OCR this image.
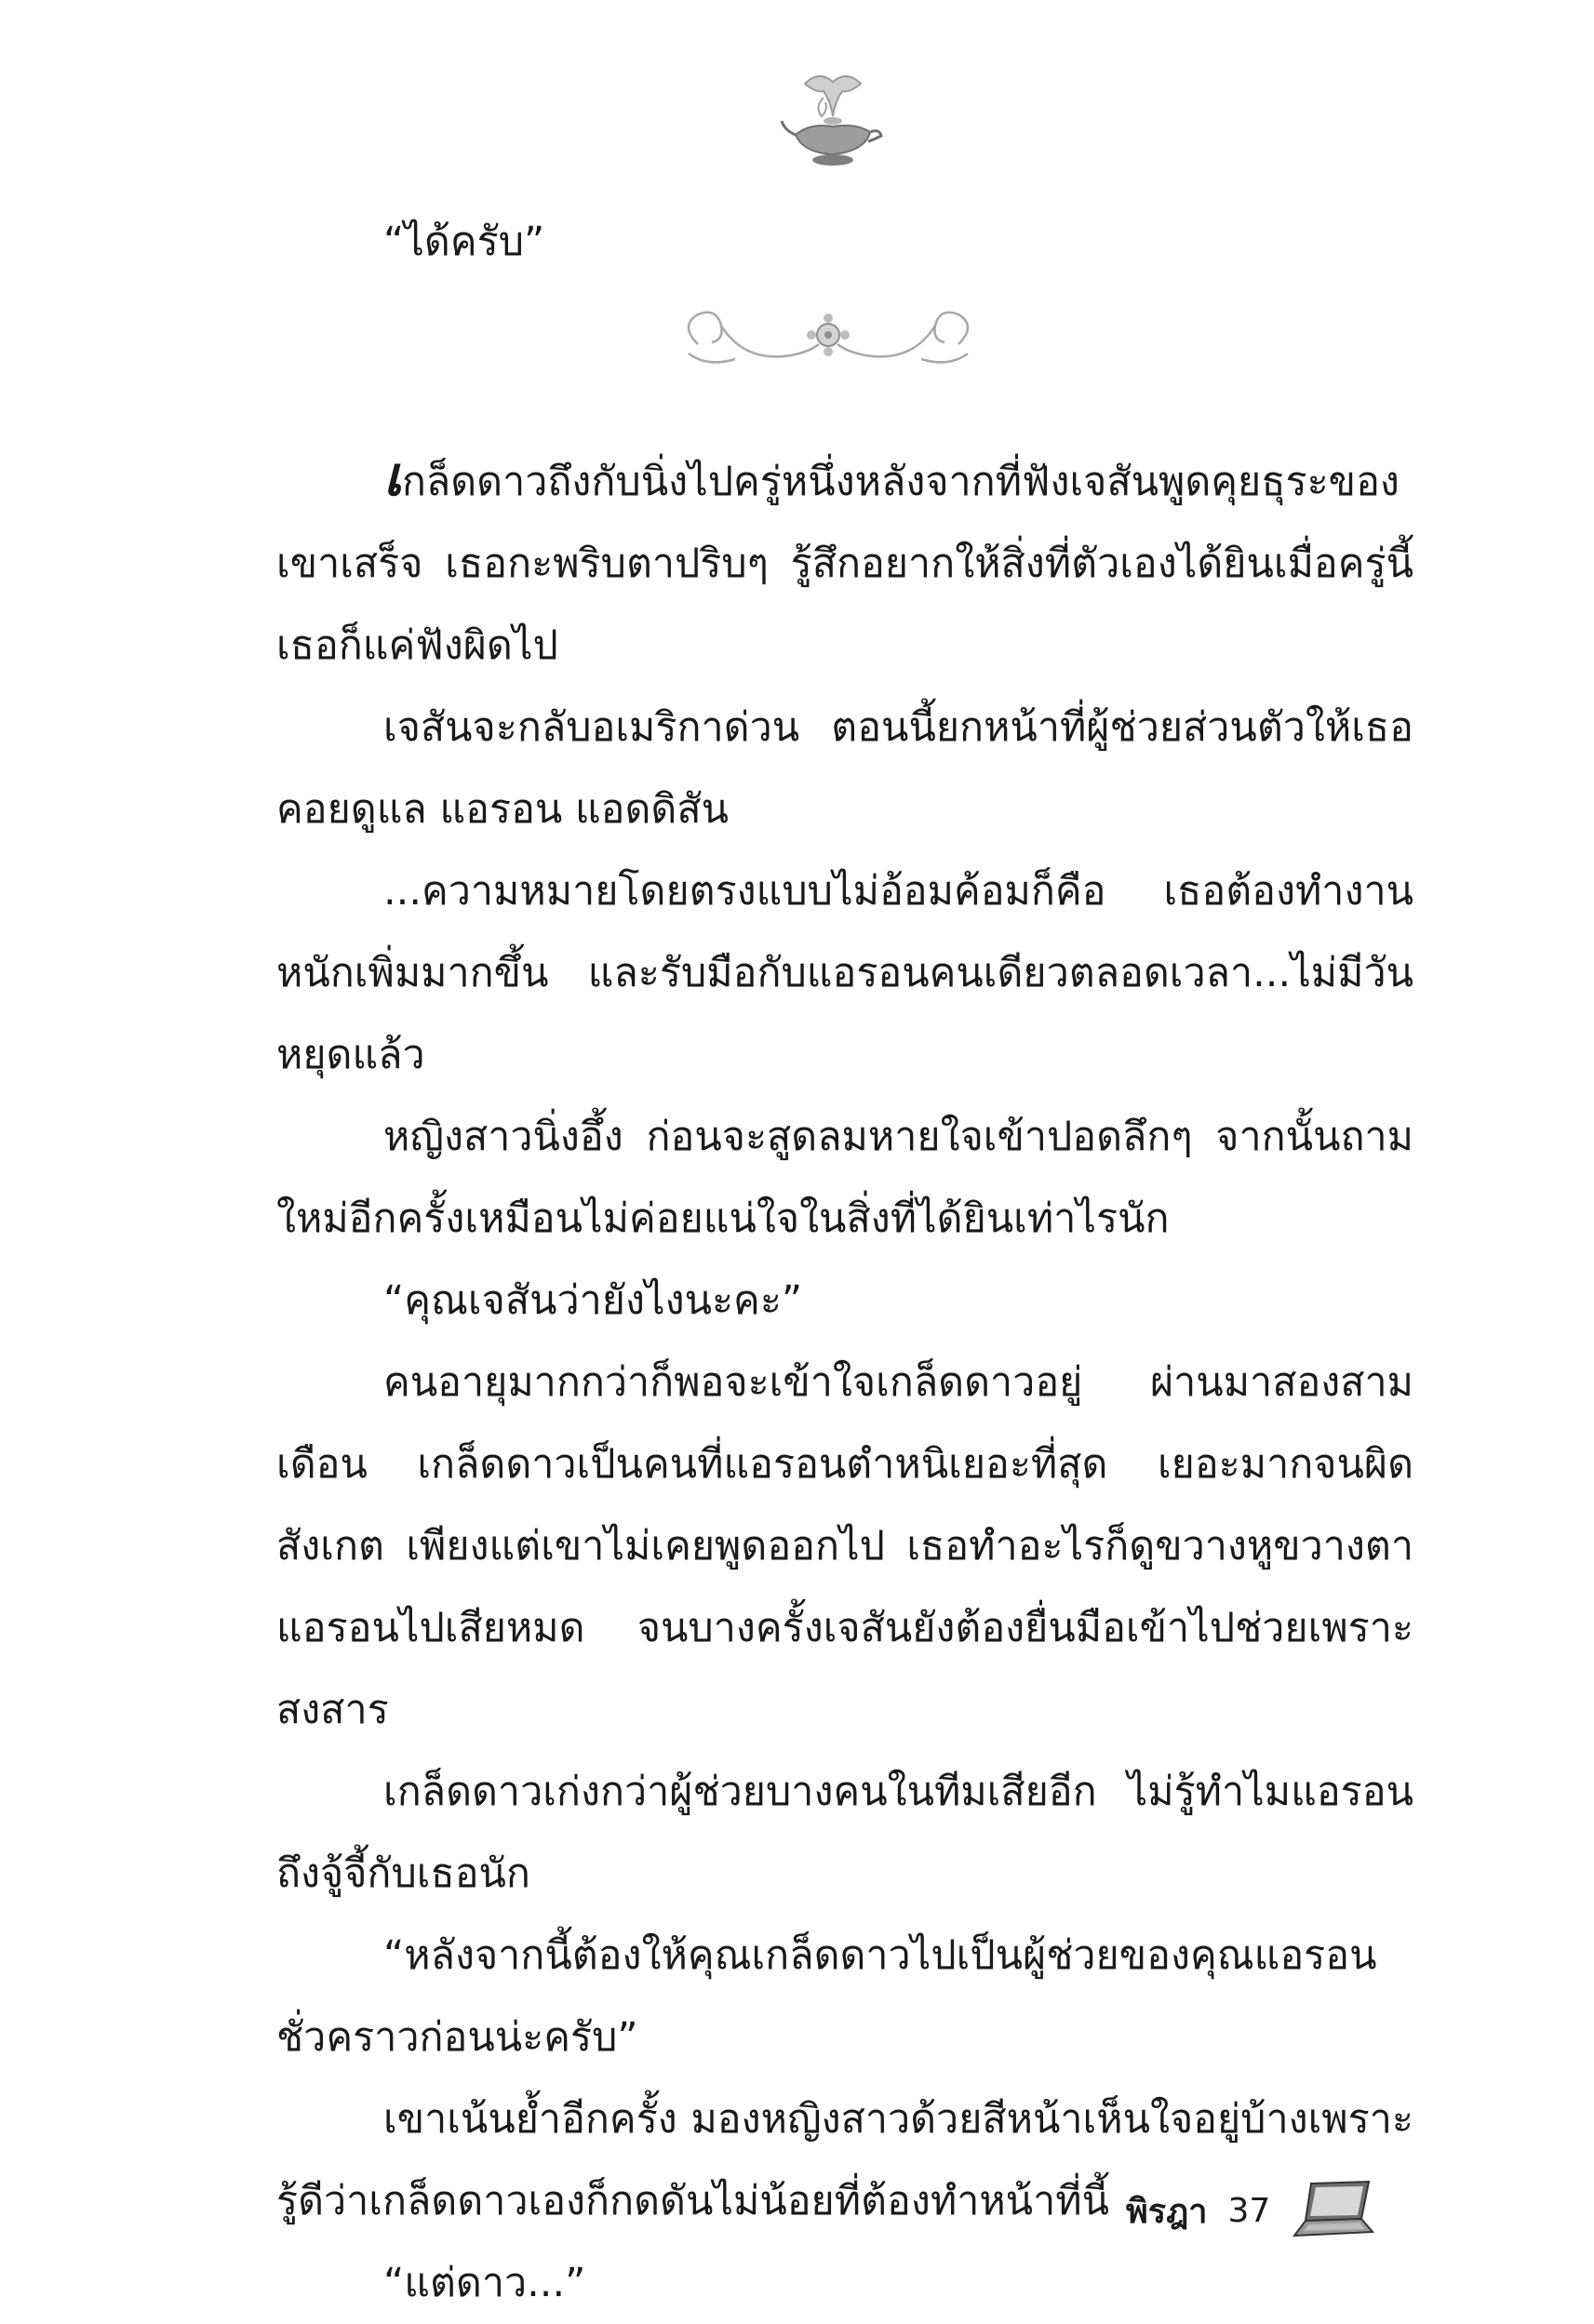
“ได้ครับ”

เกล็ดดาวถึงกับนิ่งไปครู่หนึ่งหลังจากที่ฟังเจสันพูดคุยธุระของเขาเสร็จ เธอกะพริบตาปริบๆ รู้สึกอยากให้สิ่งที่ตัวเองได้ยินเมื่อครู่นี้เธอก็แค่ฟังผิดไป

เจสันจะกลับอเมริกาด่วน ตอนนี้ยกหน้าที่ผู้ช่วยส่วนตัวให้เธอคอยดูแล แอรอน แอดดิสัน

...ความหมายโดยตรงแบบไม่อ้อมค้อมก็คือ เธอต้องทำงานหนักเพิ่มมากขึ้น และรับมือกับแอรอนคนเดียวตลอดเวลา...ไม่มีวันหยุดแล้ว

หญิงสาวนิ่งอึ้ง ก่อนจะสูดลมหายใจเข้าปอดลึกๆ จากนั้นถามใหม่อีกครั้งเหมือนไม่ค่อยแน่ใจในสิ่งที่ได้ยินเท่าไรนัก

“คุณเจสันว่ายังไงนะคะ”

คนอายุมากกว่าก็พอจะเข้าใจเกล็ดดาวอยู่ ผ่านมาสองสามเดือน เกล็ดดาวเป็นคนที่แอรอนตำหนิเยอะที่สุด เยอะมากจนผิดสังเกต เพียงแต่เขาไม่เคยพูดออกไป เธอทำอะไรก็ดูขวางหูขวางตาแอรอนไปเสียหมด จนบางครั้งเจสันยังต้องยื่นมือเข้าไปช่วยเพราะสงสาร

เกล็ดดาวเก่งกว่าผู้ช่วยบางคนในทีมเสียอีก ไม่รู้ทำไมแอรอนถึงจู้จี้กับเธอนัก

“หลังจากนี้ต้องให้คุณเกล็ดดาวไปเป็นผู้ช่วยของคุณแอรอนชั่วคราวก่อนน่ะครับ”

เขาเน้นย้ำอีกครั้ง มองหญิงสาวด้วยสีหน้าเห็นใจอยู่บ้างเพราะรู้ดีว่าเกล็ดดาวเองก็กดดันไม่น้อยที่ต้องทำหน้าที่นี้

“แต่ดาว...”

พิรฎา 37
